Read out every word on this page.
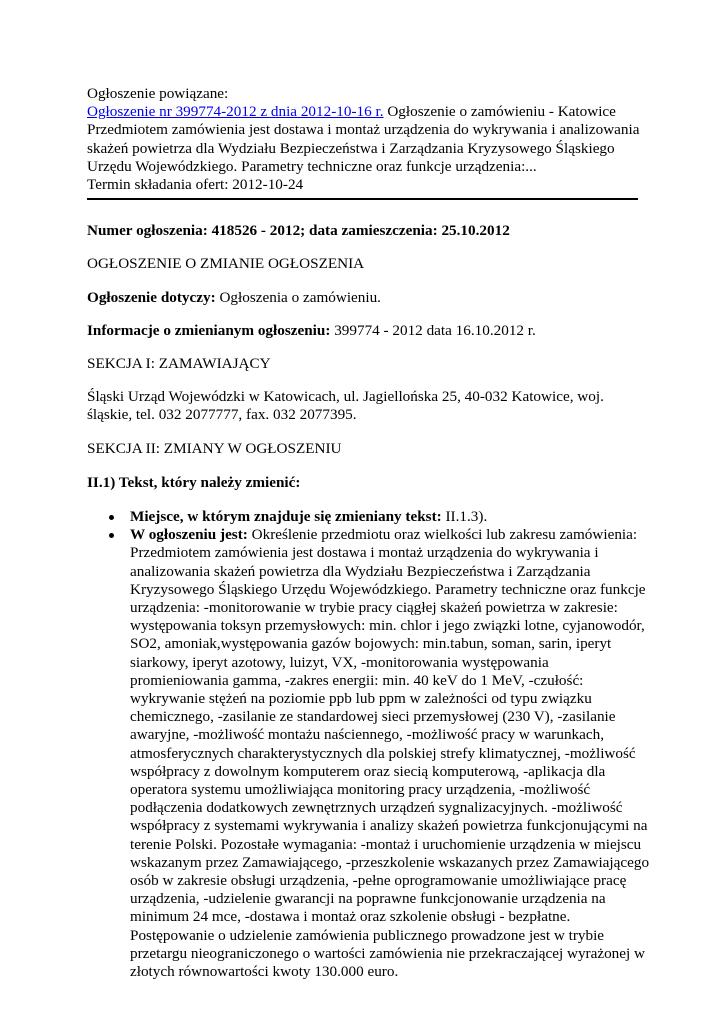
Ogłoszenie powiązane:
Ogłoszenie nr 399774-2012 z dnia 2012-10-16 r. Ogłoszenie o zamówieniu - Katowice Przedmiotem zamówienia jest dostawa i montaż urządzenia do wykrywania i analizowania skażeń powietrza dla Wydziału Bezpieczeństwa i Zarządzania Kryzysowego Śląskiego Urzędu Wojewódzkiego. Parametry techniczne oraz funkcje urządzenia:...
Termin składania ofert: 2012-10-24

Numer ogłoszenia: 418526 - 2012; data zamieszczenia: 25.10.2012

OGŁOSZENIE O ZMIANIE OGŁOSZENIA

Ogłoszenie dotyczy: Ogłoszenia o zamówieniu.

Informacje o zmienianym ogłoszeniu: 399774 - 2012 data 16.10.2012 r.

SEKCJA I: ZAMAWIAJĄCY

Śląski Urząd Wojewódzki w Katowicach, ul. Jagiellońska 25, 40-032 Katowice, woj. śląskie, tel. 032 2077777, fax. 032 2077395.

SEKCJA II: ZMIANY W OGŁOSZENIU

II.1) Tekst, który należy zmienić:

Miejsce, w którym znajduje się zmieniany tekst: II.1.3).
W ogłoszeniu jest: Określenie przedmiotu oraz wielkości lub zakresu zamówienia: Przedmiotem zamówienia jest dostawa i montaż urządzenia do wykrywania i analizowania skażeń powietrza dla Wydziału Bezpieczeństwa i Zarządzania Kryzysowego Śląskiego Urzędu Wojewódzkiego. Parametry techniczne oraz funkcje urządzenia: -monitorowanie w trybie pracy ciągłej skażeń powietrza w zakresie: występowania toksyn przemysłowych: min. chlor i jego związki lotne, cyjanowodór, SO2, amoniak,występowania gazów bojowych: min.tabun, soman, sarin, iperyt siarkowy, iperyt azotowy, luizyt, VX, -monitorowania występowania promieniowania gamma, -zakres energii: min. 40 keV do 1 MeV, -czułość: wykrywanie stężeń na poziomie ppb lub ppm w zależności od typu związku chemicznego, -zasilanie ze standardowej sieci przemysłowej (230 V), -zasilanie awaryjne, -możliwość montażu naściennego, -możliwość pracy w warunkach, atmosferycznych charakterystycznych dla polskiej strefy klimatycznej, -możliwość współpracy z dowolnym komputerem oraz siecią komputerową, -aplikacja dla operatora systemu umożliwiająca monitoring pracy urządzenia, -możliwość podłączenia dodatkowych zewnętrznych urządzeń sygnalizacyjnych. -możliwość współpracy z systemami wykrywania i analizy skażeń powietrza funkcjonującymi na terenie Polski. Pozostałe wymagania: -montaż i uruchomienie urządzenia w miejscu wskazanym przez Zamawiającego, -przeszkolenie wskazanych przez Zamawiającego osób w zakresie obsługi urządzenia, -pełne oprogramowanie umożliwiające pracę urządzenia, -udzielenie gwarancji na poprawne funkcjonowanie urządzenia na minimum 24 mce, -dostawa i montaż oraz szkolenie obsługi - bezpłatne. Postępowanie o udzielenie zamówienia publicznego prowadzone jest w trybie przetargu nieograniczonego o wartości zamówienia nie przekraczającej wyrażonej w złotych równowartości kwoty 130.000 euro.
